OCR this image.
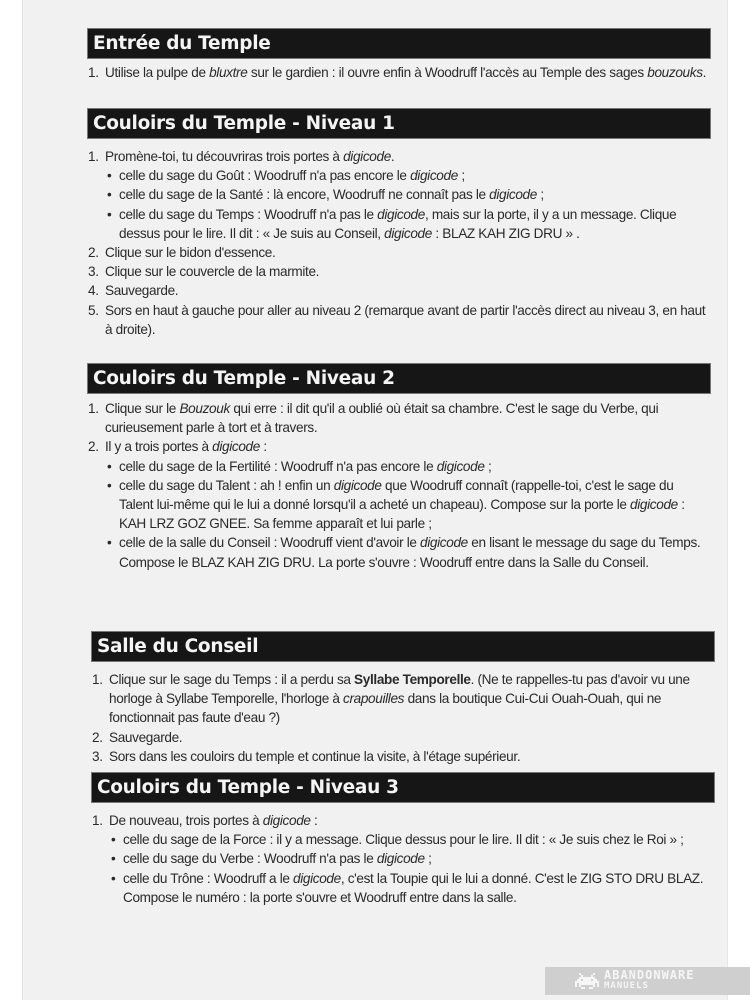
Entrée du Temple
1. Utilise la pulpe de bluxtre sur le gardien : il ouvre enfin à Woodruff l'accès au Temple des sages bouzouks.
Couloirs du Temple - Niveau 1
1. Promène-toi, tu découvriras trois portes à digicode.
• celle du sage du Goût : Woodruff n'a pas encore le digicode ;
• celle du sage de la Santé : là encore, Woodruff ne connaît pas le digicode ;
• celle du sage du Temps : Woodruff n'a pas le digicode, mais sur la porte, il y a un message. Clique dessus pour le lire. Il dit : « Je suis au Conseil, digicode : BLAZ KAH ZIG DRU » .
2. Clique sur le bidon d'essence.
3. Clique sur le couvercle de la marmite.
4. Sauvegarde.
5. Sors en haut à gauche pour aller au niveau 2 (remarque avant de partir l'accès direct au niveau 3, en haut à droite).
Couloirs du Temple - Niveau 2
1. Clique sur le Bouzouk qui erre : il dit qu'il a oublié où était sa chambre. C'est le sage du Verbe, qui curieusement parle à tort et à travers.
2. Il y a trois portes à digicode :
• celle du sage de la Fertilité : Woodruff n'a pas encore le digicode ;
• celle du sage du Talent : ah ! enfin un digicode que Woodruff connaît (rappelle-toi, c'est le sage du Talent lui-même qui le lui a donné lorsqu'il a acheté un chapeau). Compose sur la porte le digicode : KAH LRZ GOZ GNEE. Sa femme apparaît et lui parle ;
• celle de la salle du Conseil : Woodruff vient d'avoir le digicode en lisant le message du sage du Temps. Compose le BLAZ KAH ZIG DRU. La porte s'ouvre : Woodruff entre dans la Salle du Conseil.
Salle du Conseil
1. Clique sur le sage du Temps : il a perdu sa Syllabe Temporelle. (Ne te rappelles-tu pas d'avoir vu une horloge à Syllabe Temporelle, l'horloge à crapouilles dans la boutique Cui-Cui Ouah-Ouah, qui ne fonctionnait pas faute d'eau ?)
2. Sauvegarde.
3. Sors dans les couloirs du temple et continue la visite, à l'étage supérieur.
Couloirs du Temple - Niveau 3
1. De nouveau, trois portes à digicode :
• celle du sage de la Force : il y a message. Clique dessus pour le lire. Il dit : « Je suis chez le Roi » ;
• celle du sage du Verbe : Woodruff n'a pas le digicode ;
• celle du Trône : Woodruff a le digicode, c'est la Toupie qui le lui a donné. C'est le ZIG STO DRU BLAZ. Compose le numéro : la porte s'ouvre et Woodruff entre dans la salle.
ABANDONWARE
MANUELS
